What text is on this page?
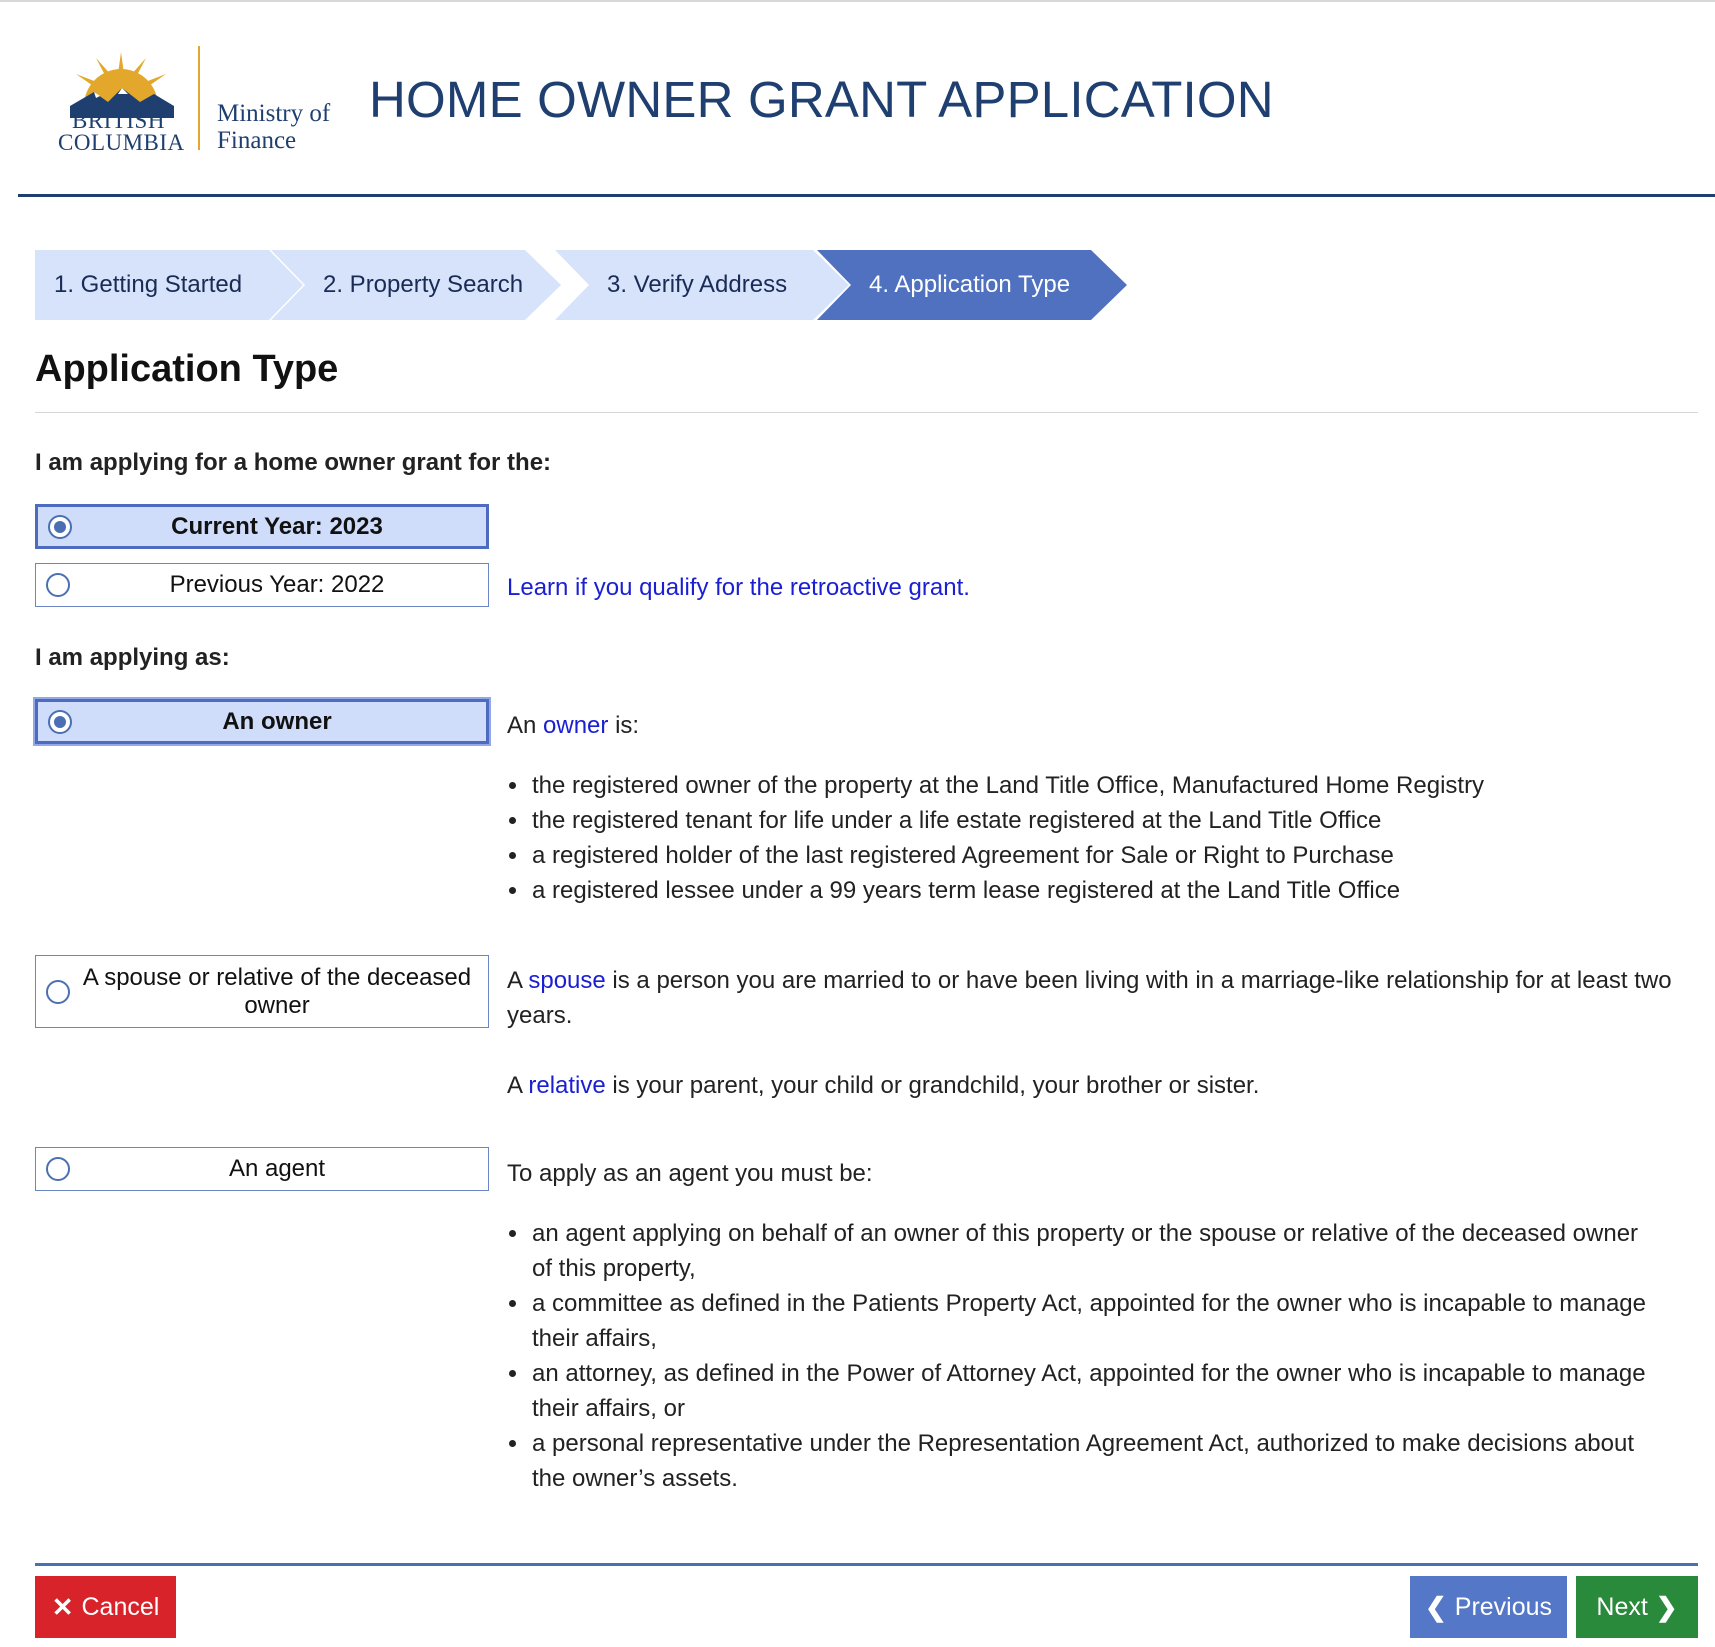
BRITISH
COLUMBIA
Ministry of
Finance
HOME OWNER GRANT APPLICATION
1. Getting Started	2. Property Search	3. Verify Address	4. Application Type
Application Type
I am applying for a home owner grant for the:
Current Year: 2023
Previous Year: 2022	Learn if you qualify for the retroactive grant.
I am applying as:
An owner	An owner is:
• the registered owner of the property at the Land Title Office, Manufactured Home Registry
• the registered tenant for life under a life estate registered at the Land Title Office
• a registered holder of the last registered Agreement for Sale or Right to Purchase
• a registered lessee under a 99 years term lease registered at the Land Title Office
A spouse or relative of the deceased owner
A spouse is a person you are married to or have been living with in a marriage-like relationship for at least two years.
A relative is your parent, your child or grandchild, your brother or sister.
An agent	To apply as an agent you must be:
• an agent applying on behalf of an owner of this property or the spouse or relative of the deceased owner of this property,
• a committee as defined in the Patients Property Act, appointed for the owner who is incapable to manage their affairs,
• an attorney, as defined in the Power of Attorney Act, appointed for the owner who is incapable to manage their affairs, or
• a personal representative under the Representation Agreement Act, authorized to make decisions about the owner’s assets.
✕ Cancel	❮ Previous Next ❯
